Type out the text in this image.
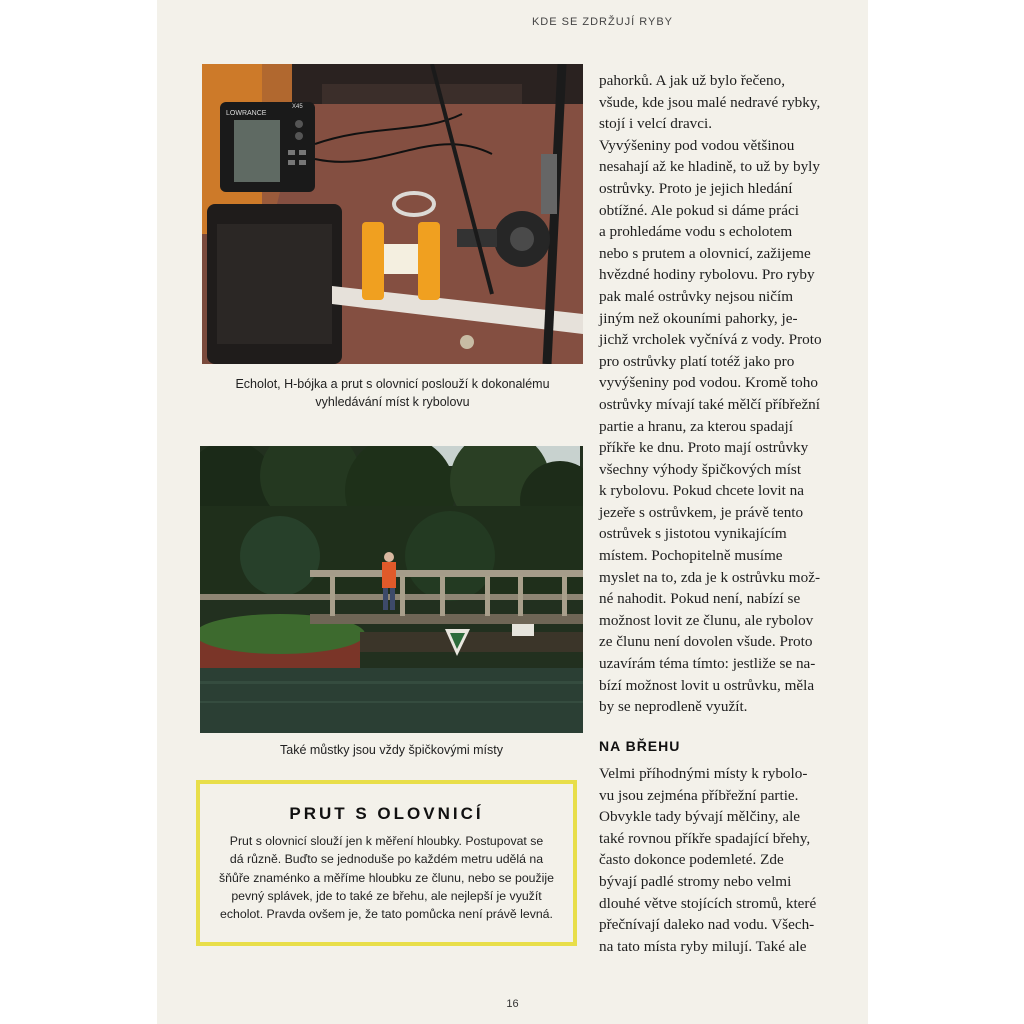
KDE SE ZDRŽUJÍ RYBY
LOWRANCE
X45
Echolot, H-bójka a prut s olovnicí poslouží k dokonalému vyhledávání míst k rybolovu
Také můstky jsou vždy špičkovými místy
PRUT S OLOVNICÍ
Prut s olovnicí slouží jen k měření hloubky. Postupovat se
dá různě. Buďto se jednoduše po každém metru udělá na
šňůře znaménko a měříme hloubku ze člunu, nebo se použije
pevný splávek, jde to také ze břehu, ale nejlepší je využít
echolot. Pravda ovšem je, že tato pomůcka není právě levná.
pahorků. A jak už bylo řečeno,
všude, kde jsou malé nedravé rybky,
stojí i velcí dravci.
Vyvýšeniny pod vodou většinou
nesahají až ke hladině, to už by byly
ostrůvky. Proto je jejich hledání
obtížné. Ale pokud si dáme práci
a prohledáme vodu s echolotem
nebo s prutem a olovnicí, zažijeme
hvězdné hodiny rybolovu. Pro ryby
pak malé ostrůvky nejsou ničím
jiným než okouními pahorky, je-
jichž vrcholek vyčnívá z vody. Proto
pro ostrůvky platí totéž jako pro
vyvýšeniny pod vodou. Kromě toho
ostrůvky mívají také mělčí příbřežní
partie a hranu, za kterou spadají
příkře ke dnu. Proto mají ostrůvky
všechny výhody špičkových míst
k rybolovu. Pokud chcete lovit na
jezeře s ostrůvkem, je právě tento
ostrůvek s jistotou vynikajícím
místem. Pochopitelně musíme
myslet na to, zda je k ostrůvku mož-
né nahodit. Pokud není, nabízí se
možnost lovit ze člunu, ale rybolov
ze člunu není dovolen všude. Proto
uzavírám téma tímto: jestliže se na-
bízí možnost lovit u ostrůvku, měla
by se neprodleně využít.
NA BŘEHU
Velmi příhodnými místy k rybolo-
vu jsou zejména příbřežní partie.
Obvykle tady bývají mělčiny, ale
také rovnou příkře spadající břehy,
často dokonce podemleté. Zde
bývají padlé stromy nebo velmi
dlouhé větve stojících stromů, které
přečnívají daleko nad vodu. Všech-
na tato místa ryby milují. Také ale
16
